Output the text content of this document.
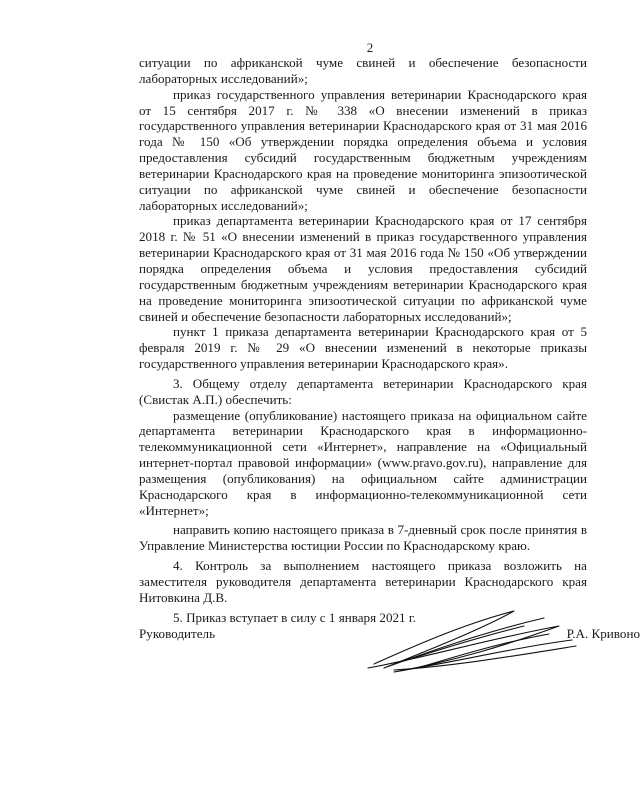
2

ситуации по африканской чуме свиней и обеспечение безопасности лабораторных исследований»;

приказ государственного управления ветеринарии Краснодарского края от 15 сентября 2017 г. № 338 «О внесении изменений в приказ государственного управления ветеринарии Краснодарского края от 31 мая 2016 года № 150 «Об утверждении порядка определения объема и условия предоставления субсидий государственным бюджетным учреждениям ветеринарии Краснодарского края на проведение мониторинга эпизоотической ситуации по африканской чуме свиней и обеспечение безопасности лабораторных исследований»;

приказ департамента ветеринарии Краснодарского края от 17 сентября 2018 г. № 51 «О внесении изменений в приказ государственного управления ветеринарии Краснодарского края от 31 мая 2016 года № 150 «Об утверждении порядка определения объема и условия предоставления субсидий государственным бюджетным учреждениям ветеринарии Краснодарского края на проведение мониторинга эпизоотической ситуации по африканской чуме свиней и обеспечение безопасности лабораторных исследований»;

пункт 1 приказа департамента ветеринарии Краснодарского края от 5 февраля 2019 г. № 29 «О внесении изменений в некоторые приказы государственного управления ветеринарии Краснодарского края».

3. Общему отделу департамента ветеринарии Краснодарского края (Свистак А.П.) обеспечить:

размещение (опубликование) настоящего приказа на официальном сайте департамента ветеринарии Краснодарского края в информационно-телекоммуникационной сети «Интернет», направление на «Официальный интернет-портал правовой информации» (www.pravo.gov.ru), направление для размещения (опубликования) на официальном сайте администрации Краснодарского края в информационно-телекоммуникационной сети «Интернет»;

направить копию настоящего приказа в 7-дневный срок после принятия в Управление Министерства юстиции России по Краснодарскому краю.

4. Контроль за выполнением настоящего приказа возложить на заместителя руководителя департамента ветеринарии Краснодарского края Нитовкина Д.В.

5. Приказ вступает в силу с 1 января 2021 г.

Руководитель	Р.А. Кривоно
